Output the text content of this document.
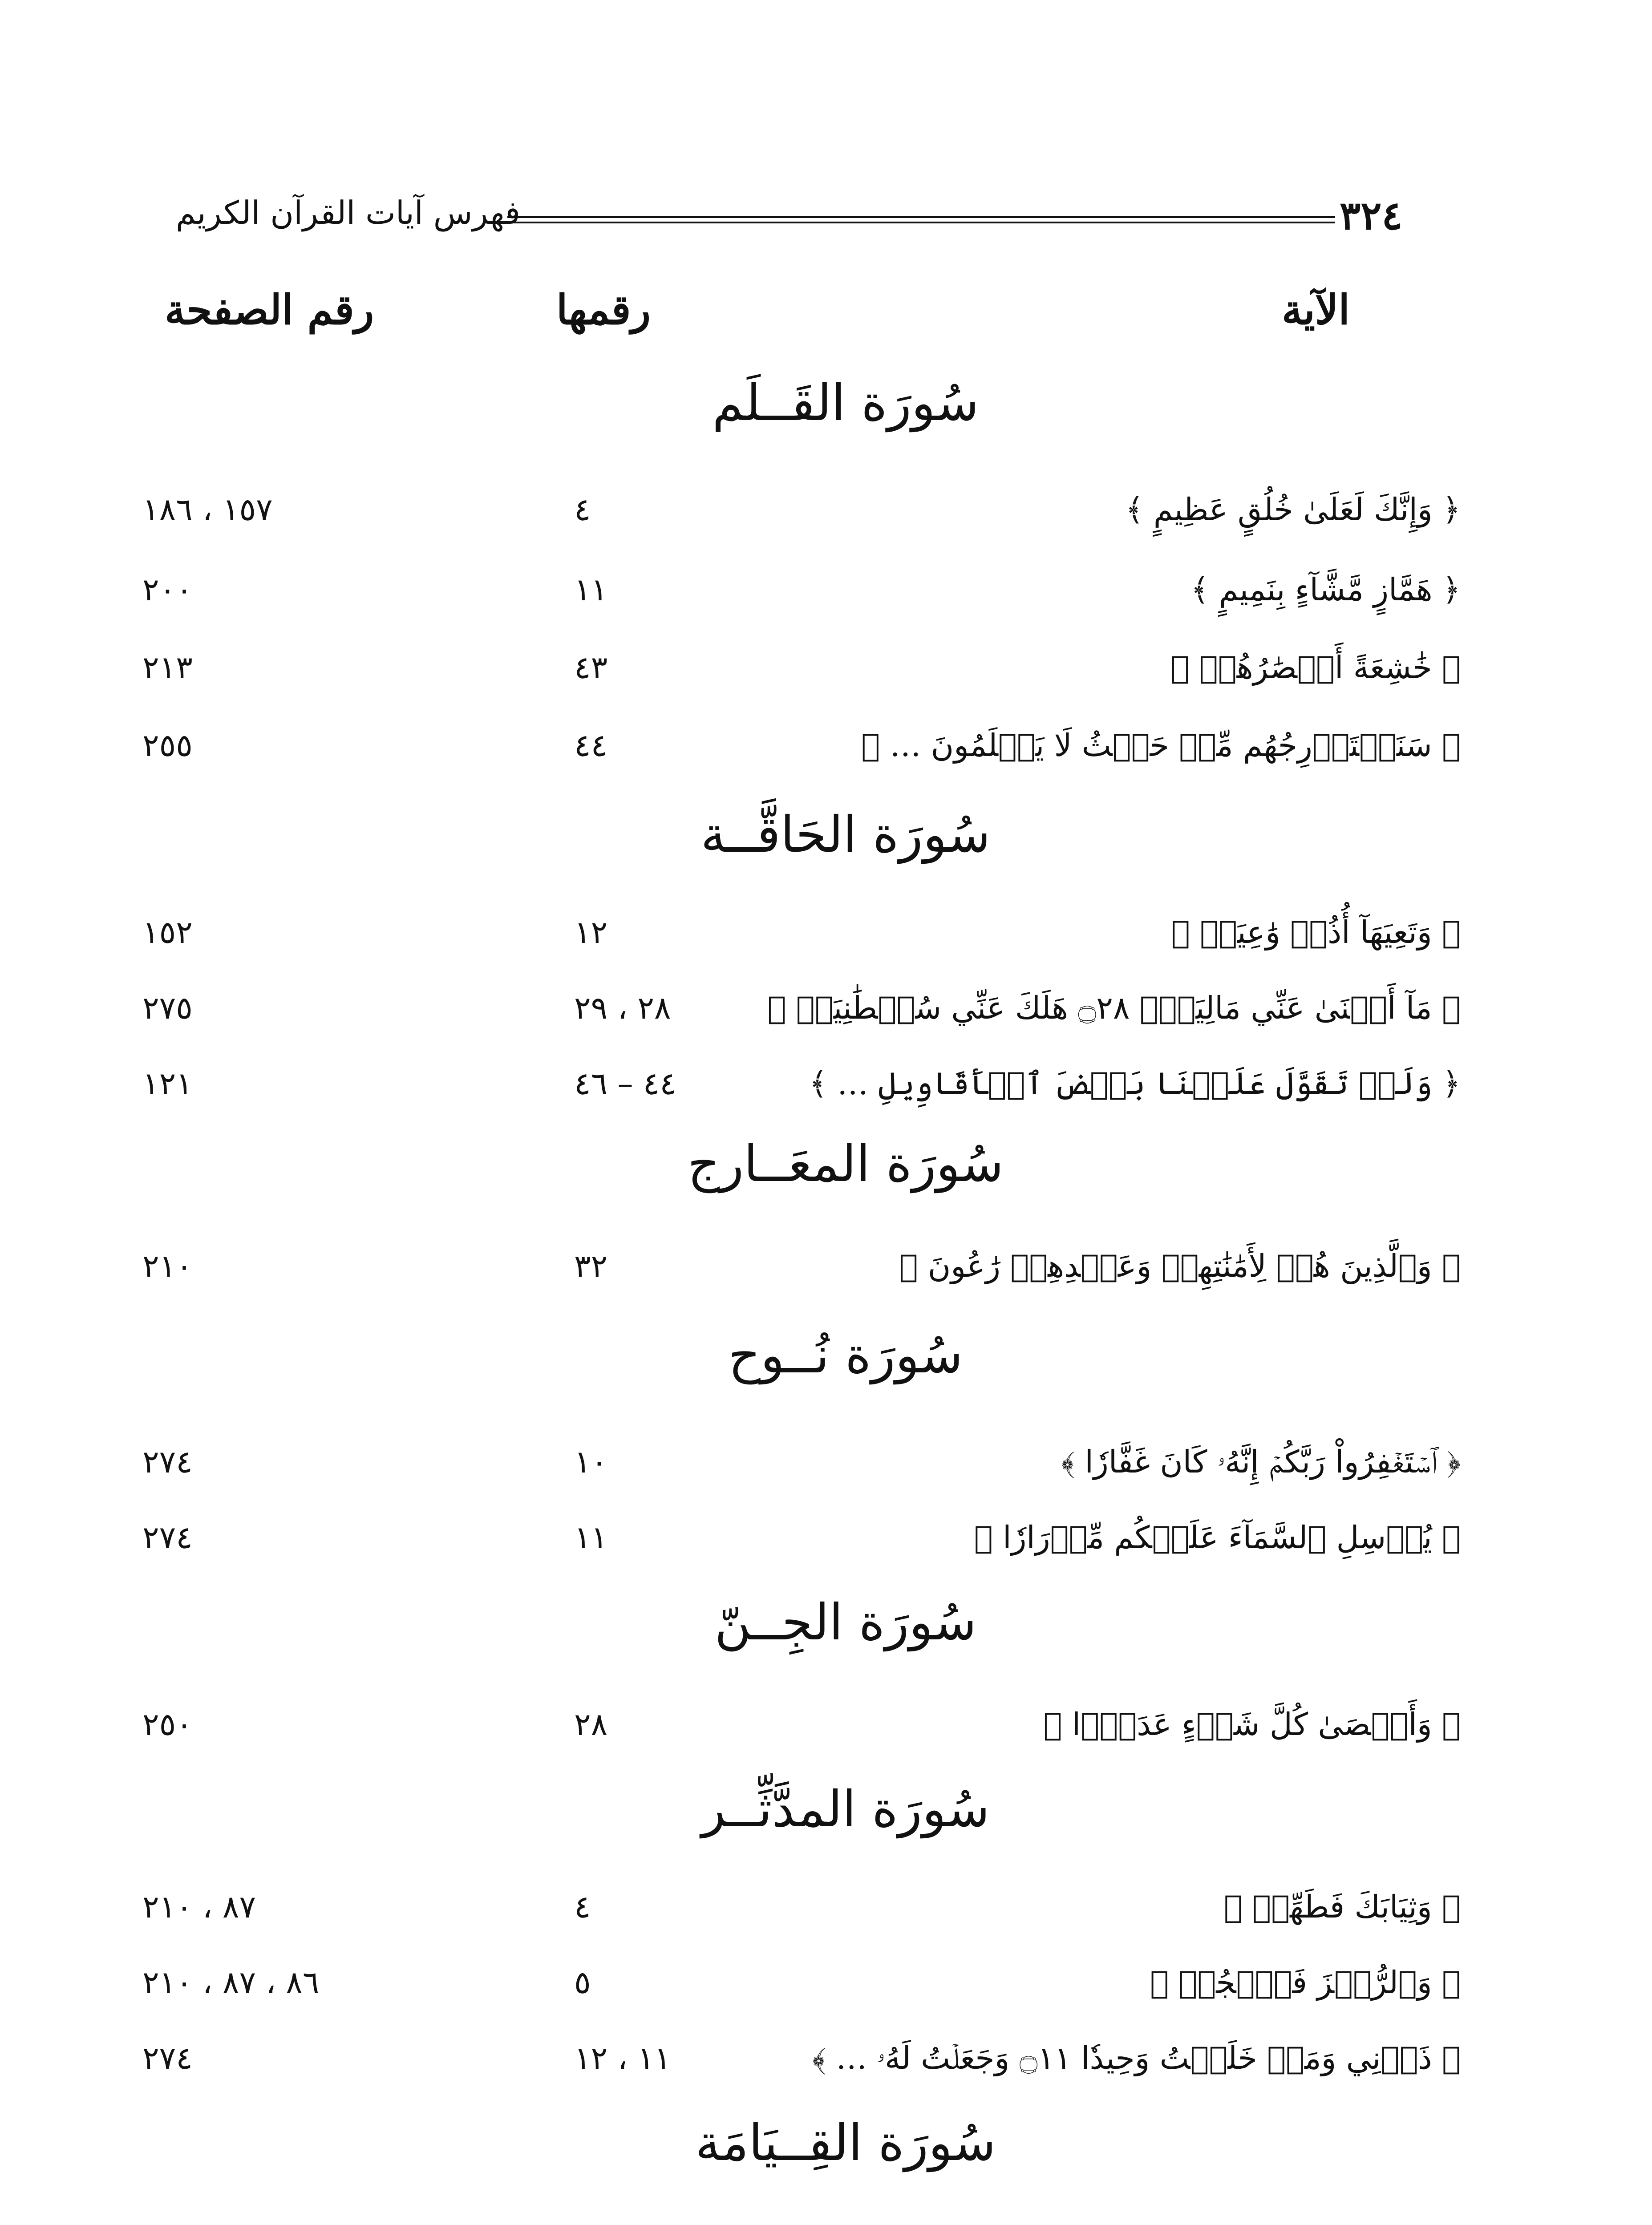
٣٢٤
فهرس آيات القرآن الكريم
الآية
رقمها
رقم الصفحة
سُورَة القَــلَم
﴿ وَإِنَّكَ لَعَلَىٰ خُلُقٍ عَظِيمٍ ﴾
٤
١٥٧ ، ١٨٦
﴿ هَمَّازٍ مَّشَّآءٍ بِنَمِيمٍ ﴾
١١
٢٠٠
﴿ خَٰشِعَةً أَبۡصَٰرُهُمۡ ﴾
٤٣
٢١٣
﴿ سَنَسۡتَدۡرِجُهُم مِّنۡ حَيۡثُ لَا يَعۡلَمُونَ … ﴾
٤٤
٢٥٥
سُورَة الحَاقَّــة
﴿ وَتَعِيَهَآ أُذُنٞ وَٰعِيَةٞ ﴾
١٢
١٥٢
﴿ مَآ أَغۡنَىٰ عَنِّي مَالِيَهۡۜ ۝٢٨ هَلَكَ عَنِّي سُلۡطَٰنِيَهۡ ﴾
٢٨ ، ٢٩
٢٧٥
﴿ وَلَوۡ تَقَوَّلَ عَلَيۡنَا بَعۡضَ ٱلۡأَقَاوِيلِ … ﴾
٤٤ – ٤٦
١٢١
سُورَة المعَــارج
﴿ وَٱلَّذِينَ هُمۡ لِأَمَٰنَٰتِهِمۡ وَعَهۡدِهِمۡ رَٰعُونَ ﴾
٣٢
٢١٠
سُورَة نُــوح
﴿ ٱسۡتَغۡفِرُواْ رَبَّكُمۡ إِنَّهُۥ كَانَ غَفَّارٗا ﴾
١٠
٢٧٤
﴿ يُرۡسِلِ ٱلسَّمَآءَ عَلَيۡكُم مِّدۡرَارٗا ﴾
١١
٢٧٤
سُورَة الجِــنّ
﴿ وَأَحۡصَىٰ كُلَّ شَيۡءٍ عَدَدَۢا ﴾
٢٨
٢٥٠
سُورَة المدَّثِّــر
﴿ وَثِيَابَكَ فَطَهِّرۡ ﴾
٤
٨٧ ، ٢١٠
﴿ وَٱلرُّجۡزَ فَٱهۡجُرۡ ﴾
٥
٨٦ ، ٨٧ ، ٢١٠
﴿ ذَرۡنِي وَمَنۡ خَلَقۡتُ وَحِيدٗا ۝١١ وَجَعَلۡتُ لَهُۥ … ﴾
١١ ، ١٢
٢٧٤
سُورَة القِــيَامَة
